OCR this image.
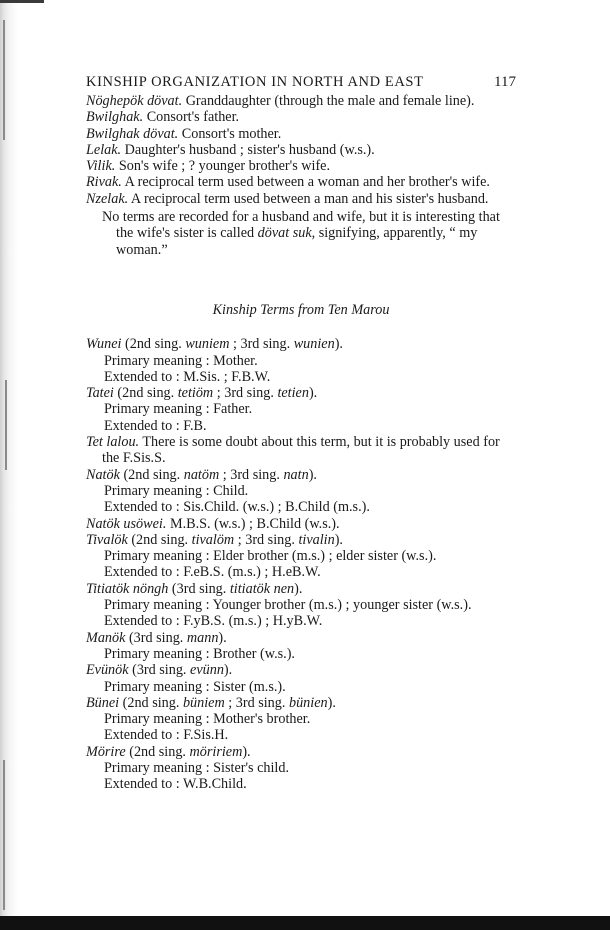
KINSHIP ORGANIZATION IN NORTH AND EAST	117

Nöghepök dövat. Granddaughter (through the male and female line).

Bwilghak. Consort's father.

Bwilghak dövat. Consort's mother.

Lelak. Daughter's husband ; sister's husband (w.s.).

Vilik. Son's wife ; ? younger brother's wife.

Rivak. A reciprocal term used between a woman and her brother's wife.

Nzelak. A reciprocal term used between a man and his sister's husband.

No terms are recorded for a husband and wife, but it is interesting that the wife's sister is called dövat suk, signifying, apparently, “ my woman.”

Kinship Terms from Ten Marou

Wunei (2nd sing. wuniem ; 3rd sing. wunien).

Primary meaning : Mother.

Extended to : M.Sis. ; F.B.W.

Tatei (2nd sing. tetiöm ; 3rd sing. tetien).

Primary meaning : Father.

Extended to : F.B.

Tet lalou. There is some doubt about this term, but it is probably used for the F.Sis.S.

Natök (2nd sing. natöm ; 3rd sing. natn).

Primary meaning : Child.

Extended to : Sis.Child. (w.s.) ; B.Child (m.s.).

Natök usöwei. M.B.S. (w.s.) ; B.Child (w.s.).

Tivalök (2nd sing. tivalöm ; 3rd sing. tivalin).

Primary meaning : Elder brother (m.s.) ; elder sister (w.s.).

Extended to : F.eB.S. (m.s.) ; H.eB.W.

Titiatök nöngh (3rd sing. titiatök nen).

Primary meaning : Younger brother (m.s.) ; younger sister (w.s.).

Extended to : F.yB.S. (m.s.) ; H.yB.W.

Manök (3rd sing. mann).

Primary meaning : Brother (w.s.).

Evünök (3rd sing. evünn).

Primary meaning : Sister (m.s.).

Bünei (2nd sing. büniem ; 3rd sing. bünien).

Primary meaning : Mother's brother.

Extended to : F.Sis.H.

Mörire (2nd sing. möririem).

Primary meaning : Sister's child.

Extended to : W.B.Child.
